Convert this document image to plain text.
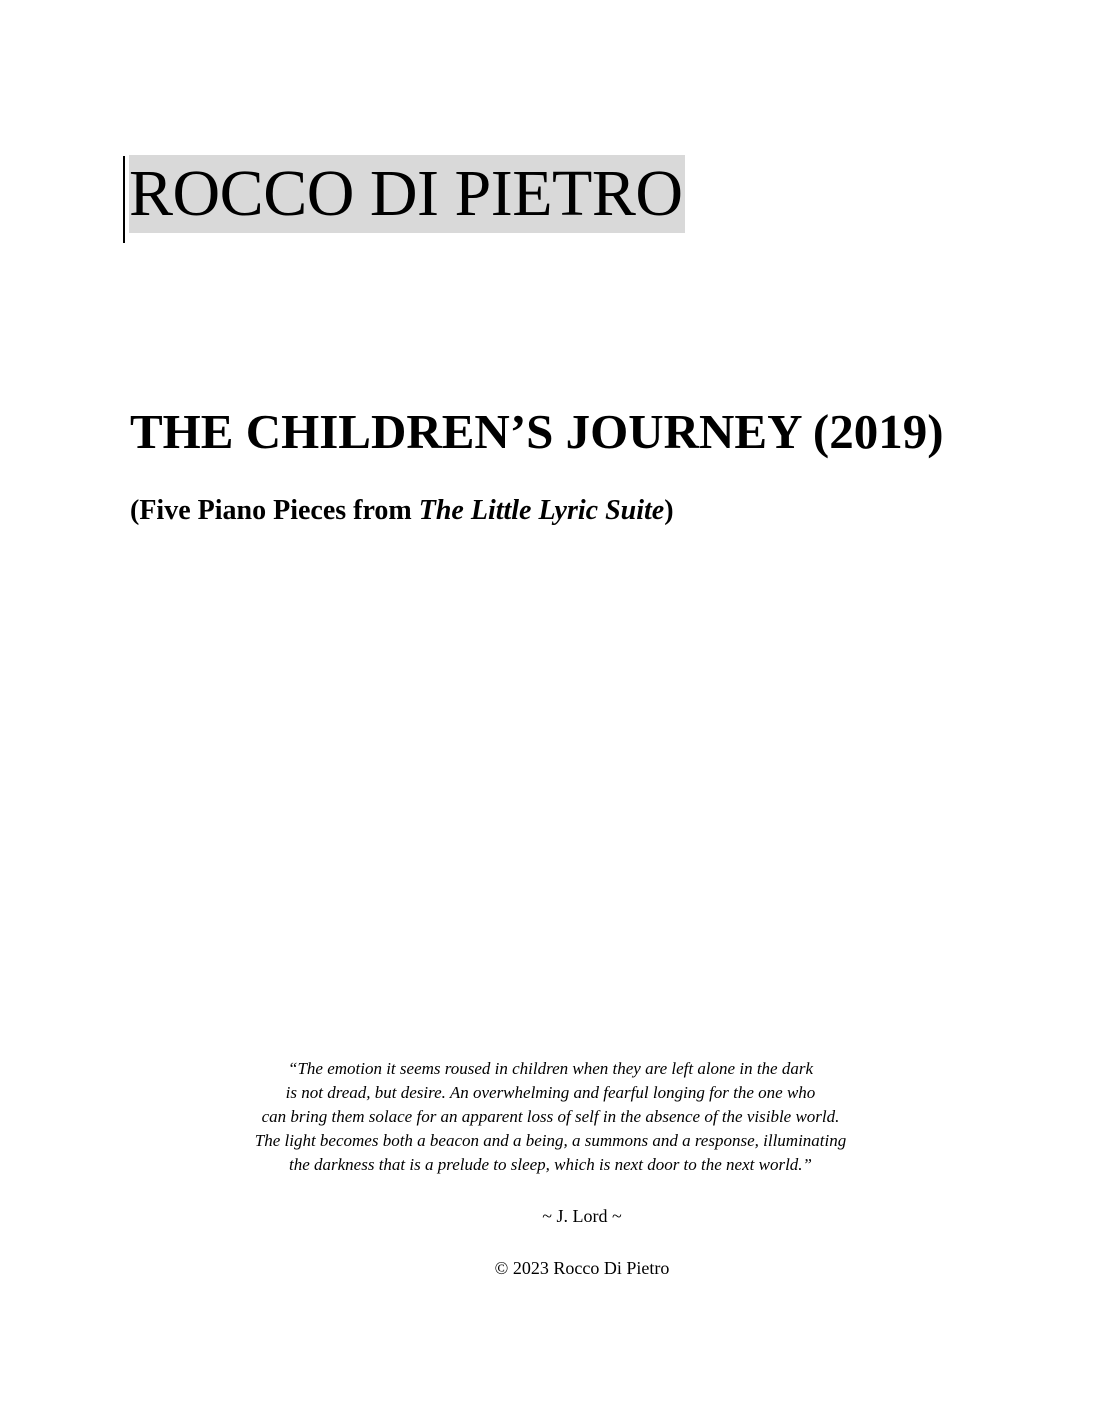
ROCCO DI PIETRO
THE CHILDREN’S JOURNEY (2019)
(Five Piano Pieces from The Little Lyric Suite)
“The emotion it seems roused in children when they are left alone in the dark
is not dread, but desire. An overwhelming and fearful longing for the one who
can bring them solace for an apparent loss of self in the absence of the visible world.
The light becomes both a beacon and a being, a summons and a response, illuminating
the darkness that is a prelude to sleep, which is next door to the next world.”
~ J. Lord ~
© 2023 Rocco Di Pietro
